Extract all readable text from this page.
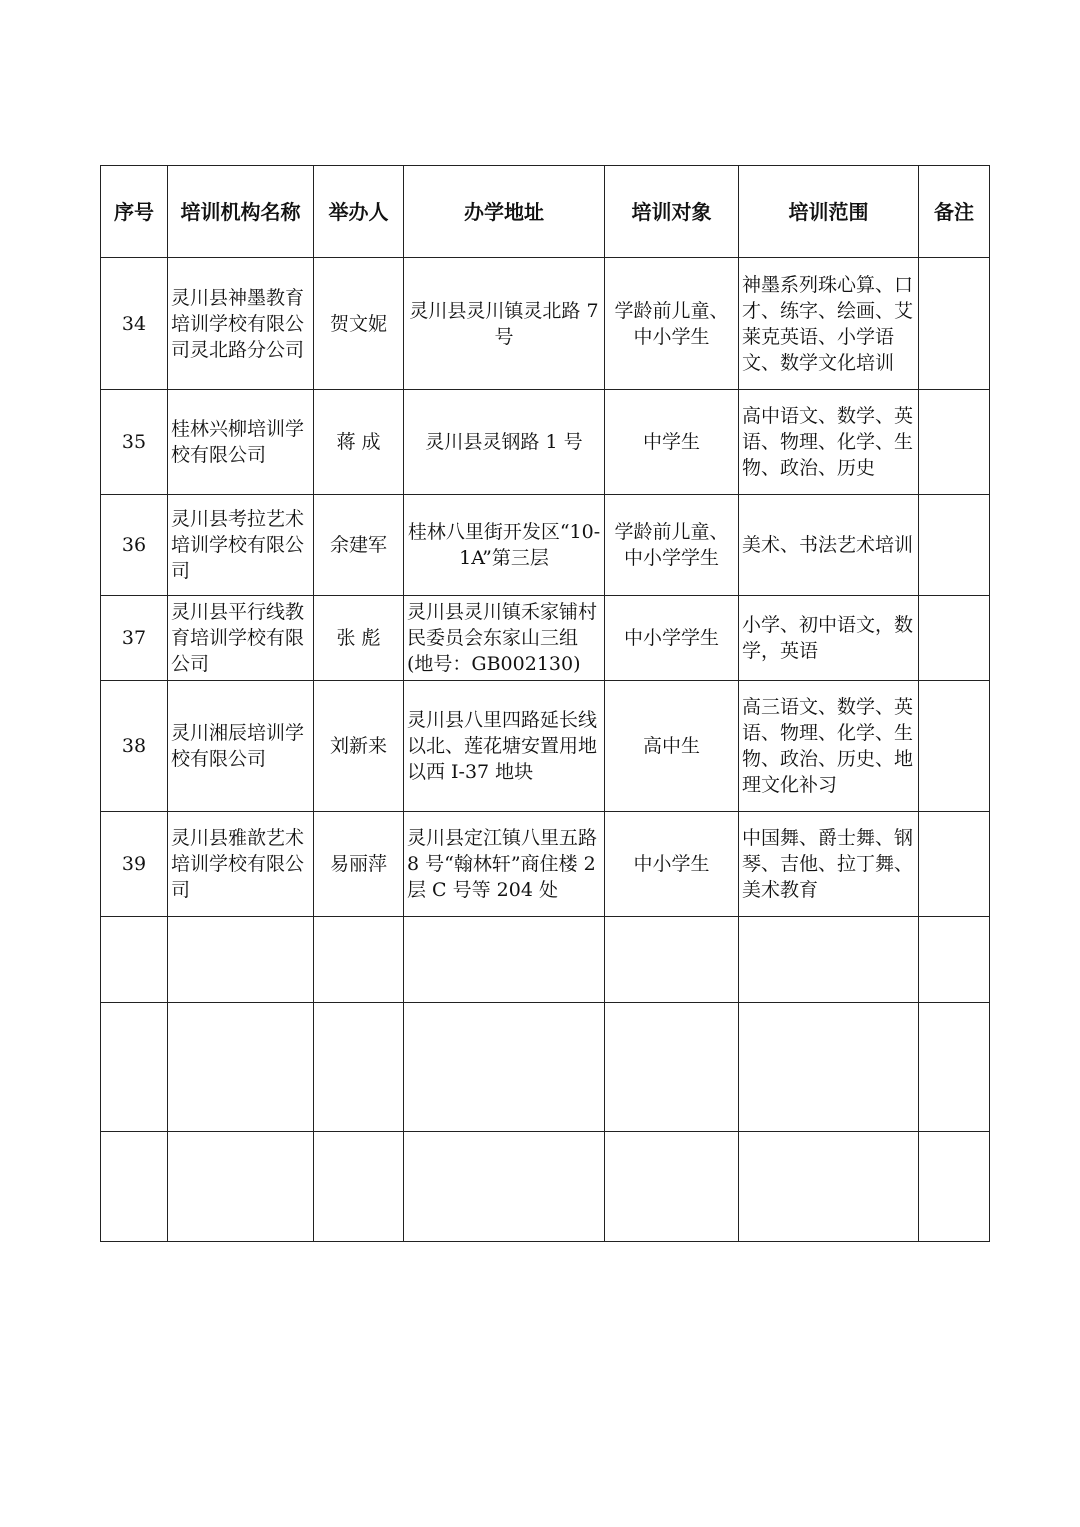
序号	培训机构名称	举办人	办学地址	培训对象	培训范围	备注
34	灵川县神墨教育培训学校有限公司灵北路分公司	贺文妮	灵川县灵川镇灵北路 7 号	学龄前儿童、中小学生	神墨系列珠心算、口才、练字、绘画、艾莱克英语、小学语文、数学文化培训	
35	桂林兴柳培训学校有限公司	蒋 成	灵川县灵钢路 1 号	中学生	高中语文、数学、英语、物理、化学、生物、政治、历史	
36	灵川县考拉艺术培训学校有限公司	余建军	桂林八里街开发区“10-1A”第三层	学龄前儿童、中小学学生	美术、书法艺术培训	
37	灵川县平行线教育培训学校有限公司	张 彪	灵川县灵川镇禾家铺村民委员会东家山三组(地号：GB002130)	中小学学生	小学、初中语文，数学，英语	
38	灵川湘辰培训学校有限公司	刘新来	灵川县八里四路延长线以北、莲花塘安置用地以西 I-37 地块	高中生	高三语文、数学、英语、物理、化学、生物、政治、历史、地理文化补习	
39	灵川县雅歆艺术培训学校有限公司	易丽萍	灵川县定江镇八里五路 8 号“翰林轩”商住楼 2 层 C 号等 204 处	中小学生	中国舞、爵士舞、钢琴、吉他、拉丁舞、美术教育	
